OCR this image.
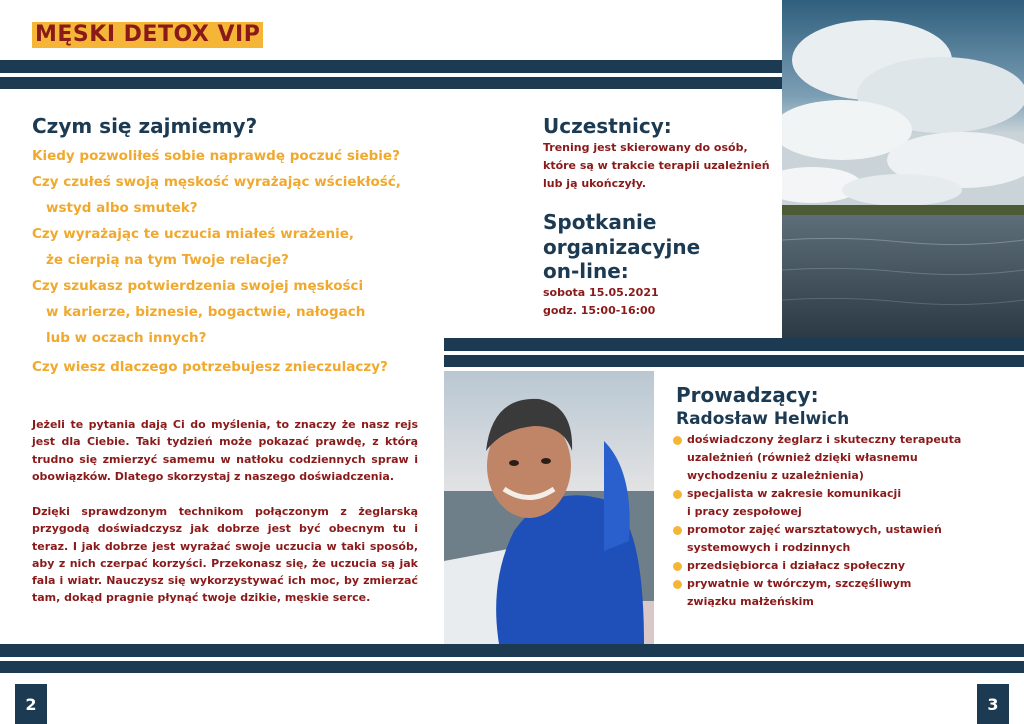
MĘSKI DETOX VIP
Czym się zajmiemy?
Kiedy pozwoliłeś sobie naprawdę poczuć siebie?
Czy czułeś swoją męskość wyrażając wściekłość,
wstyd albo smutek?
Czy wyrażając te uczucia miałeś wrażenie,
że cierpią na tym Twoje relacje?
Czy szukasz potwierdzenia swojej męskości
w karierze, biznesie, bogactwie, nałogach
lub w oczach innych?
Czy wiesz dlaczego potrzebujesz znieczulaczy?
Jeżeli te pytania dają Ci do myślenia, to znaczy że nasz rejs jest dla Ciebie. Taki tydzień może pokazać prawdę, z którą trudno się zmierzyć samemu w natłoku codziennych spraw i obowiązków. Dlatego skorzystaj z naszego doświadczenia.
Dzięki sprawdzonym technikom połączonym z żeglarską przygodą doświadczysz jak dobrze jest być obecnym tu i teraz. I jak dobrze jest wyrażać swoje uczucia w taki sposób, aby z nich czerpać korzyści. Przekonasz się, że uczucia są jak fala i wiatr. Nauczysz się wykorzystywać ich moc, by zmierzać tam, dokąd pragnie płynąć twoje dzikie, męskie serce.
Uczestnicy:
Trening jest skierowany do osób,
które są w trakcie terapii uzależnień
lub ją ukończyły.
Spotkanie
organizacyjne
on-line:
sobota 15.05.2021
godz. 15:00-16:00
Prowadzący:
Radosław Helwich
doświadczony żeglarz i skuteczny terapeuta
uzależnień (również dzięki własnemu
wychodzeniu z uzależnienia)
specjalista w zakresie komunikacji
i pracy zespołowej
promotor zajęć warsztatowych, ustawień
systemowych i rodzinnych
przedsiębiorca i działacz społeczny
prywatnie w twórczym, szczęśliwym
związku małżeńskim
2	3
